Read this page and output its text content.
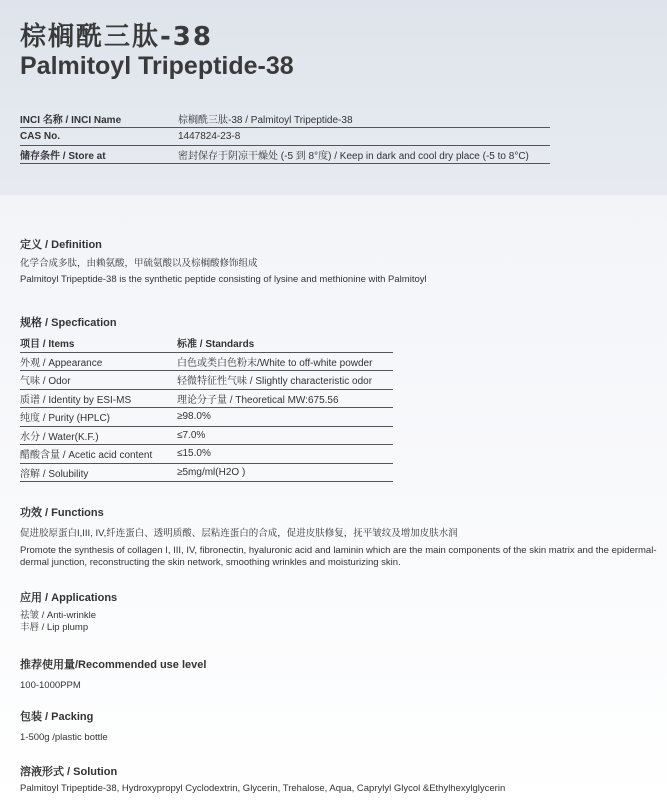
棕榈酰三肽-38
Palmitoyl Tripeptide-38
INCI 名称 / INCI Name	棕榈酰三肽-38 / Palmitoyl Tripeptide-38
CAS No.	1447824-23-8
储存条件 / Store at	密封保存于阴凉干燥处 (-5 到 8°度) / Keep in dark and cool dry place (-5 to 8°C)
定义 / Definition
化学合成多肽，由赖氨酸，甲硫氨酸以及棕榈酸修饰组成
Palmitoyl Tripeptide-38 is the synthetic peptide consisting of lysine and methionine with Palmitoyl
规格 / Specfication
项目 / Items	标准 / Standards
外观 / Appearance	白色或类白色粉末/White to off-white powder
气味 / Odor	轻微特征性气味 / Slightly characteristic odor
质谱 / Identity by ESI-MS	理论分子量 / Theoretical MW:675.56
纯度 / Purity (HPLC)	≥98.0%
水分 / Water(K.F.)	≤7.0%
醋酸含量 / Acetic acid content	≤15.0%
溶解 / Solubility	≥5mg/ml(H2O )
功效 / Functions
促进胶原蛋白I,III, IV,纤连蛋白、透明质酸、层粘连蛋白的合成，促进皮肤修复，抚平皱纹及增加皮肤水润
Promote the synthesis of collagen I, III, IV, fibronectin, hyaluronic acid and laminin which are the main components of the skin matrix and the epidermal-dermal junction, reconstructing the skin network, smoothing wrinkles and moisturizing skin.
应用 / Applications
祛皱 / Anti-wrinkle
丰唇 / Lip plump
推荐使用量/Recommended use level
100-1000PPM
包装 / Packing
1-500g /plastic bottle
溶液形式 / Solution
Palmitoyl Tripeptide-38, Hydroxypropyl Cyclodextrin, Glycerin, Trehalose, Aqua, Caprylyl Glycol &Ethylhexylglycerin
